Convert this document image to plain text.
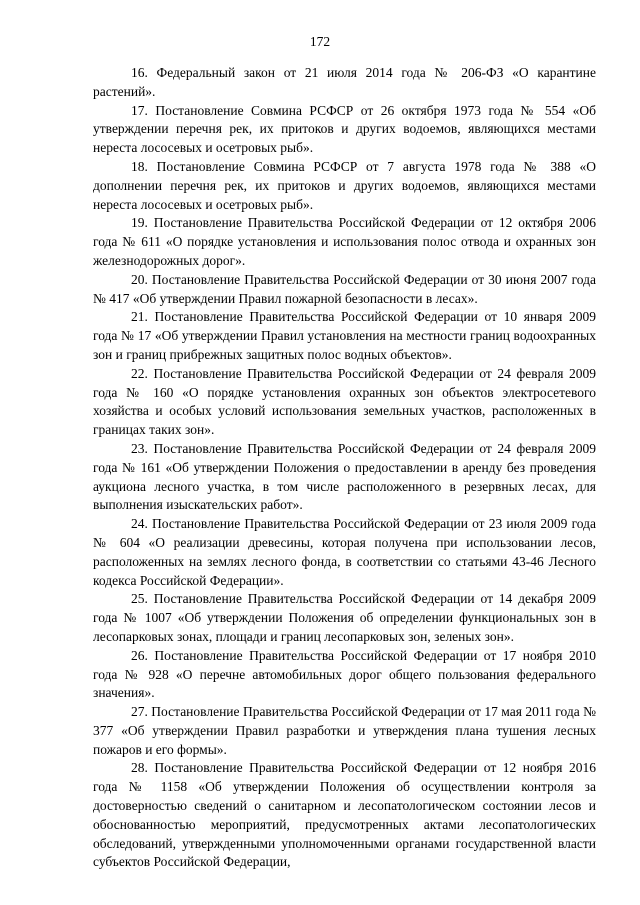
172

16. Федеральный закон от 21 июля 2014 года № 206-ФЗ «О карантине растений».

17. Постановление Совмина РСФСР от 26 октября 1973 года № 554 «Об утверждении перечня рек, их притоков и других водоемов, являющихся местами нереста лососевых и осетровых рыб».

18. Постановление Совмина РСФСР от 7 августа 1978 года № 388 «О дополнении перечня рек, их притоков и других водоемов, являющихся местами нереста лососевых и осетровых рыб».

19. Постановление Правительства Российской Федерации от 12 октября 2006 года № 611 «О порядке установления и использования полос отвода и охранных зон железнодорожных дорог».

20. Постановление Правительства Российской Федерации от 30 июня 2007 года № 417 «Об утверждении Правил пожарной безопасности в лесах».

21. Постановление Правительства Российской Федерации от 10 января 2009 года № 17 «Об утверждении Правил установления на местности границ водоохранных зон и границ прибрежных защитных полос водных объектов».

22. Постановление Правительства Российской Федерации от 24 февраля 2009 года № 160 «О порядке установления охранных зон объектов электросетевого хозяйства и особых условий использования земельных участков, расположенных в границах таких зон».

23. Постановление Правительства Российской Федерации от 24 февраля 2009 года № 161 «Об утверждении Положения о предоставлении в аренду без проведения аукциона лесного участка, в том числе расположенного в резервных лесах, для выполнения изыскательских работ».

24. Постановление Правительства Российской Федерации от 23 июля 2009 года № 604 «О реализации древесины, которая получена при использовании лесов, расположенных на землях лесного фонда, в соответствии со статьями 43-46 Лесного кодекса Российской Федерации».

25. Постановление Правительства Российской Федерации от 14 декабря 2009 года № 1007 «Об утверждении Положения об определении функциональных зон в лесопарковых зонах, площади и границ лесопарковых зон, зеленых зон».

26. Постановление Правительства Российской Федерации от 17 ноября 2010 года № 928 «О перечне автомобильных дорог общего пользования федерального значения».

27. Постановление Правительства Российской Федерации от 17 мая 2011 года № 377 «Об утверждении Правил разработки и утверждения плана тушения лесных пожаров и его формы».

28. Постановление Правительства Российской Федерации от 12 ноября 2016 года № 1158 «Об утверждении Положения об осуществлении контроля за достоверностью сведений о санитарном и лесопатологическом состоянии лесов и обоснованностью мероприятий, предусмотренных актами лесопатологических обследований, утвержденными уполномоченными органами государственной власти субъектов Российской Федерации,
